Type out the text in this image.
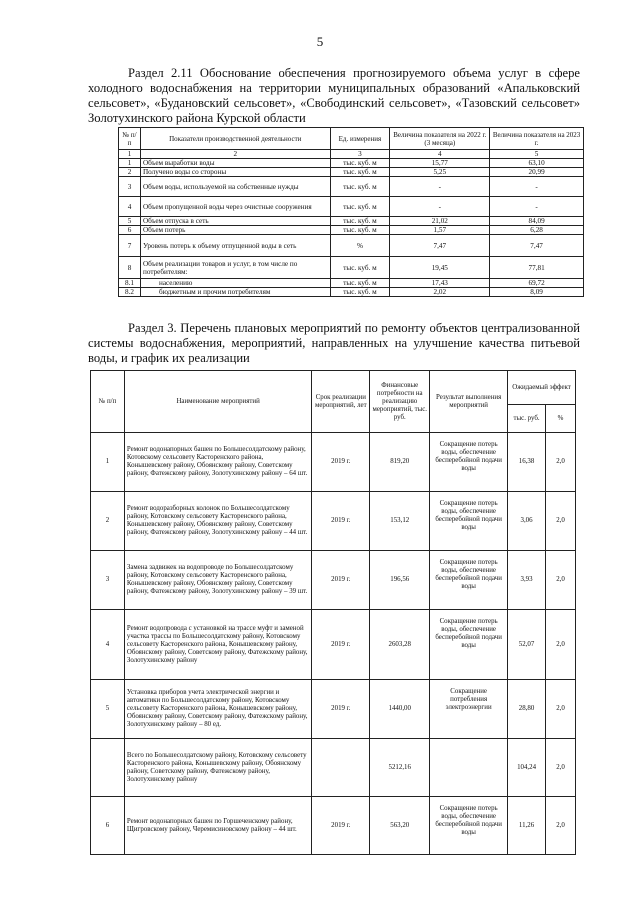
5

Раздел 2.11 Обоснование обеспечения прогнозируемого объема услуг в сфере холодного водоснабжения на территории муниципальных образований «Апальковский сельсовет», «Будановский сельсовет», «Свободинский сельсовет», «Тазовский сельсовет» Золотухинского района Курской области

№ п/п	Показатели производственной деятельности	Ед. измерения	Величина показателя на 2022 г. (3 месяца)	Величина показателя на 2023 г.
1	2	3	4	5
1	Объем выработки воды	тыс. куб. м	15,77	63,10
2	Получено воды со стороны	тыс. куб. м	5,25	20,99
3	Объем воды, используемой на собственные нужды	тыс. куб. м	-	-
4	Объем пропущенной воды через очистные сооружения	тыс. куб. м	-	-
5	Объем отпуска в сеть	тыс. куб. м	21,02	84,09
6	Объем потерь	тыс. куб. м	1,57	6,28
7	Уровень потерь к объему отпущенной воды в сеть	%	7,47	7,47
8	Объем реализации товаров и услуг, в том числе по потребителям:	тыс. куб. м	19,45	77,81
8.1	населению	тыс. куб. м	17,43	69,72
8.2	бюджетным и прочим потребителям	тыс. куб. м	2,02	8,09

Раздел 3. Перечень плановых мероприятий по ремонту объектов централизованной системы водоснабжения, мероприятий, направленных на улучшение качества питьевой воды, и график их реализации

№ п/п	Наименование мероприятий	Срок реализации мероприятий, лет	Финансовые потребности на реализацию мероприятий, тыс. руб.	Результат выполнения мероприятий	Ожидаемый эффект	
					тыс. руб.	%
1	Ремонт водонапорных башен по Большесолдатскому району, Котовскому сельсовету Касторенского района, Конышевскому району, Обоянскому району, Советскому району, Фатежскому району, Золотухинскому району – 64 шт.	2019 г.	819,20	Сокращение потерь воды, обеспечение бесперебойной подачи воды	16,38	2,0
2	Ремонт водоразборных колонок по Большесолдатскому району, Котовскому сельсовету Касторенского района, Конышевскому району, Обоянскому району, Советскому району, Фатежскому району, Золотухинскому району – 44 шт.	2019 г.	153,12	Сокращение потерь воды, обеспечение бесперебойной подачи воды	3,06	2,0
3	Замена задвижек на водопроводе по Большесолдатскому району, Котовскому сельсовету Касторенского района, Конышевскому району, Обоянскому району, Советскому району, Фатежскому району, Золотухинскому району – 39 шт.	2019 г.	196,56	Сокращение потерь воды, обеспечение бесперебойной подачи воды	3,93	2,0
4	Ремонт водопровода с установкой на трассе муфт и заменой участка трассы по Большесолдатскому району, Котовскому сельсовету Касторенского района, Конышевскому району, Обоянскому району, Советскому району, Фатежскому району, Золотухинскому району	2019 г.	2603,28	Сокращение потерь воды, обеспечение бесперебойной подачи воды	52,07	2,0
5	Установка приборов учета электрической энергии и автоматики по Большесолдатскому району, Котовскому сельсовету Касторенского района, Конышевскому району, Обоянскому району, Советскому району, Фатежскому району, Золотухинскому району – 80 ед.	2019 г.	1440,00	Сокращение потребления электроэнергии	28,80	2,0
	Всего по Большесолдатскому району, Котовскому сельсовету Касторенского района, Конышевскому району, Обоянскому району, Советскому району, Фатежскому району, Золотухинскому району		5212,16		104,24	2,0
6	Ремонт водонапорных башен по Горшеченскому району, Щигровскому району, Черемисиновскому району – 44 шт.	2019 г.	563,20	Сокращение потерь воды, обеспечение бесперебойной подачи воды	11,26	2,0
